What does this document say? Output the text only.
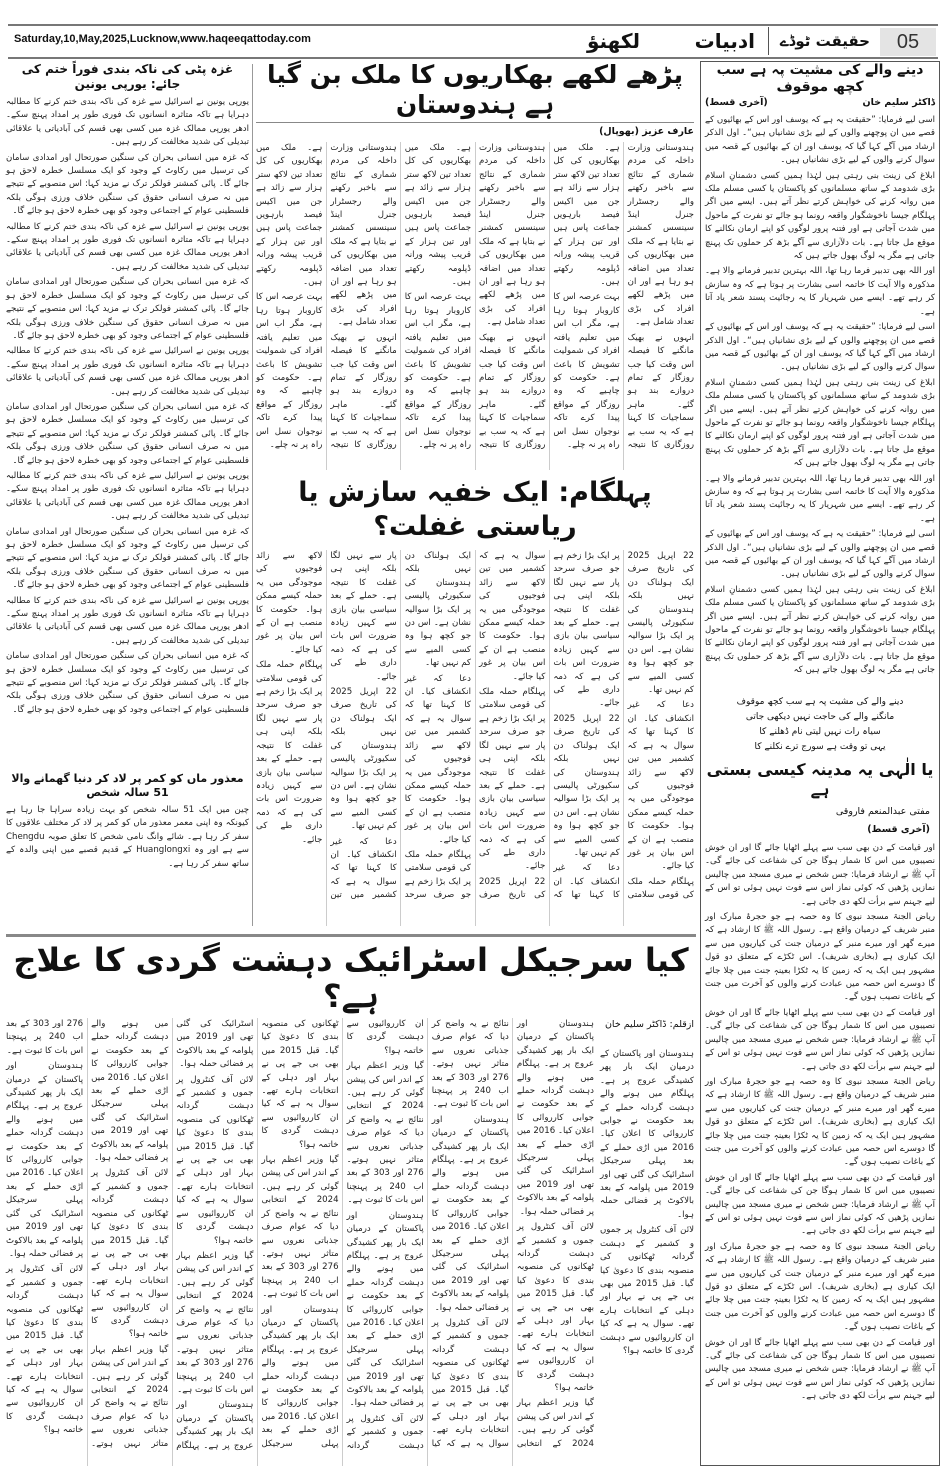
Saturday,10,May,2025,Lucknow,www.haqeeqattoday.com	لکھنؤ	ادبیات حقیقت ٹوڈے	05
دینے والے کی مشیت پہ ہے سب کچھ موقوف
ڈاکٹر سلیم خان
(آخری قسط)

اسی لیے فرمایا: ”حقیقت یہ ہے کہ یوسف اور اس کے بھائیوں کے قصے میں ان پوچھنے والوں کے لیے بڑی نشانیاں ہیں“۔ اول الذکر ارشاد میں آگے کہا گیا کہ یوسف اور ان کے بھائیوں کے قصہ میں سوال کرنے والوں کے لیے بڑی نشانیاں ہیں۔

ابلاغ کی زینت بنی رہتی ہیں لہٰذا ہمیں کسی دشمنانِ اسلام بڑی شدومد کے ساتھ مسلمانوں کو پاکستان یا کسی مسلم ملک میں روانہ کرنے کی خواہش کرتے نظر آتے ہیں۔ ایسے میں اگر پہلگام جیسا ناخوشگوار واقعہ رونما ہو جائے تو نفرت کے ماحول میں شدت آجاتی ہے اور فتنہ پرور لوگوں کو اپنے ارمان نکالنے کا موقع مل جاتا ہے۔ بات دلآزاری سے آگے بڑھ کر حملوں تک پہنچ جاتی ہے مگر یہ لوگ بھول جاتے ہیں کہ

اور اللہ بھی تدبیر فرما رہا تھا، اللہ بہترین تدبیر فرمانے والا ہے۔ مذکورہ والا آیت کا خاتمہ اسی بشارت پر ہوتا ہے کہ وہ سازش کر رہے تھے۔ ایسے میں شہریار کا یہ رجائیت پسند شعر یاد آتا ہے۔

اسی لیے فرمایا: ”حقیقت یہ ہے کہ یوسف اور اس کے بھائیوں کے قصے میں ان پوچھنے والوں کے لیے بڑی نشانیاں ہیں“۔ اول الذکر ارشاد میں آگے کہا گیا کہ یوسف اور ان کے بھائیوں کے قصہ میں سوال کرنے والوں کے لیے بڑی نشانیاں ہیں۔

ابلاغ کی زینت بنی رہتی ہیں لہٰذا ہمیں کسی دشمنانِ اسلام بڑی شدومد کے ساتھ مسلمانوں کو پاکستان یا کسی مسلم ملک میں روانہ کرنے کی خواہش کرتے نظر آتے ہیں۔ ایسے میں اگر پہلگام جیسا ناخوشگوار واقعہ رونما ہو جائے تو نفرت کے ماحول میں شدت آجاتی ہے اور فتنہ پرور لوگوں کو اپنے ارمان نکالنے کا موقع مل جاتا ہے۔ بات دلآزاری سے آگے بڑھ کر حملوں تک پہنچ جاتی ہے مگر یہ لوگ بھول جاتے ہیں کہ

اور اللہ بھی تدبیر فرما رہا تھا، اللہ بہترین تدبیر فرمانے والا ہے۔ مذکورہ والا آیت کا خاتمہ اسی بشارت پر ہوتا ہے کہ وہ سازش کر رہے تھے۔ ایسے میں شہریار کا یہ رجائیت پسند شعر یاد آتا ہے۔

اسی لیے فرمایا: ”حقیقت یہ ہے کہ یوسف اور اس کے بھائیوں کے قصے میں ان پوچھنے والوں کے لیے بڑی نشانیاں ہیں“۔ اول الذکر ارشاد میں آگے کہا گیا کہ یوسف اور ان کے بھائیوں کے قصہ میں سوال کرنے والوں کے لیے بڑی نشانیاں ہیں۔

ابلاغ کی زینت بنی رہتی ہیں لہٰذا ہمیں کسی دشمنانِ اسلام بڑی شدومد کے ساتھ مسلمانوں کو پاکستان یا کسی مسلم ملک میں روانہ کرنے کی خواہش کرتے نظر آتے ہیں۔ ایسے میں اگر پہلگام جیسا ناخوشگوار واقعہ رونما ہو جائے تو نفرت کے ماحول میں شدت آجاتی ہے اور فتنہ پرور لوگوں کو اپنے ارمان نکالنے کا موقع مل جاتا ہے۔ بات دلآزاری سے آگے بڑھ کر حملوں تک پہنچ جاتی ہے مگر یہ لوگ بھول جاتے ہیں کہ

دینے والے کی مشیت پہ ہے سب کچھ موقوف
مانگنے والے کی حاجت نہیں دیکھی جاتی
سیاہ رات نہیں لیتی نام ڈھلنے کا
یہی تو وقت ہے سورج ترے نکلنے کا
یا الٰہی یہ مدینہ کیسی بستی ہے
مفتی عبدالمنعم فاروقی
(آخری قسط)

اور قیامت کے دن بھی سب سے پہلے اٹھایا جائے گا اور ان خوش نصیبوں میں اس کا شمار ہوگا جن کی شفاعت کی جائے گی۔ آپ ﷺ نے ارشاد فرمایا: جس شخص نے میری مسجد میں چالیس نمازیں پڑھیں کہ کوئی نماز اس سے فوت نہیں ہوئی تو اس کے لیے جہنم سے برأت لکھ دی جاتی ہے۔

ریاض الجنۃ مسجد نبوی کا وہ حصہ ہے جو حجرۂ مبارک اور منبر شریف کے درمیان واقع ہے۔ رسول اللہ ﷺ کا ارشاد ہے کہ میرے گھر اور میرے منبر کے درمیان جنت کی کیاریوں میں سے ایک کیاری ہے (بخاری شریف)۔ اس ٹکڑے کے متعلق دو قول مشہور ہیں ایک یہ کہ زمین کا یہ ٹکڑا بعینہٖ جنت میں چلا جائے گا دوسرے اس حصہ میں عبادت کرنے والوں کو آخرت میں جنت کے باغات نصیب ہوں گے۔

اور قیامت کے دن بھی سب سے پہلے اٹھایا جائے گا اور ان خوش نصیبوں میں اس کا شمار ہوگا جن کی شفاعت کی جائے گی۔ آپ ﷺ نے ارشاد فرمایا: جس شخص نے میری مسجد میں چالیس نمازیں پڑھیں کہ کوئی نماز اس سے فوت نہیں ہوئی تو اس کے لیے جہنم سے برأت لکھ دی جاتی ہے۔

ریاض الجنۃ مسجد نبوی کا وہ حصہ ہے جو حجرۂ مبارک اور منبر شریف کے درمیان واقع ہے۔ رسول اللہ ﷺ کا ارشاد ہے کہ میرے گھر اور میرے منبر کے درمیان جنت کی کیاریوں میں سے ایک کیاری ہے (بخاری شریف)۔ اس ٹکڑے کے متعلق دو قول مشہور ہیں ایک یہ کہ زمین کا یہ ٹکڑا بعینہٖ جنت میں چلا جائے گا دوسرے اس حصہ میں عبادت کرنے والوں کو آخرت میں جنت کے باغات نصیب ہوں گے۔

اور قیامت کے دن بھی سب سے پہلے اٹھایا جائے گا اور ان خوش نصیبوں میں اس کا شمار ہوگا جن کی شفاعت کی جائے گی۔ آپ ﷺ نے ارشاد فرمایا: جس شخص نے میری مسجد میں چالیس نمازیں پڑھیں کہ کوئی نماز اس سے فوت نہیں ہوئی تو اس کے لیے جہنم سے برأت لکھ دی جاتی ہے۔

ریاض الجنۃ مسجد نبوی کا وہ حصہ ہے جو حجرۂ مبارک اور منبر شریف کے درمیان واقع ہے۔ رسول اللہ ﷺ کا ارشاد ہے کہ میرے گھر اور میرے منبر کے درمیان جنت کی کیاریوں میں سے ایک کیاری ہے (بخاری شریف)۔ اس ٹکڑے کے متعلق دو قول مشہور ہیں ایک یہ کہ زمین کا یہ ٹکڑا بعینہٖ جنت میں چلا جائے گا دوسرے اس حصہ میں عبادت کرنے والوں کو آخرت میں جنت کے باغات نصیب ہوں گے۔

اور قیامت کے دن بھی سب سے پہلے اٹھایا جائے گا اور ان خوش نصیبوں میں اس کا شمار ہوگا جن کی شفاعت کی جائے گی۔ آپ ﷺ نے ارشاد فرمایا: جس شخص نے میری مسجد میں چالیس نمازیں پڑھیں کہ کوئی نماز اس سے فوت نہیں ہوئی تو اس کے لیے جہنم سے برأت لکھ دی جاتی ہے۔

غزہ پٹی کی ناکہ بندی فوراً ختم کی جائے: یورپی یونین

یورپی یونین نے اسرائیل سے غزہ کی ناکہ بندی ختم کرنے کا مطالبہ دہرایا ہے تاکہ متاثرہ انسانوں تک فوری طور پر امداد پہنچ سکے۔ ادھر یورپی ممالک غزہ میں کسی بھی قسم کی آبادیاتی یا علاقائی تبدیلی کی شدید مخالفت کر رہے ہیں۔

کہ غزہ میں انسانی بحران کی سنگین صورتحال اور امدادی سامان کی ترسیل میں رکاوٹ کے وجود کو ایک مسلسل خطرہ لاحق ہو جائے گا۔ پائی کمشنر فولکر ترک نے مزید کہا: اس منصوبے کے نتیجے میں نہ صرف انسانی حقوق کی سنگین خلاف ورزی ہوگی بلکہ فلسطینی عوام کے اجتماعی وجود کو بھی خطرہ لاحق ہو جائے گا۔

یورپی یونین نے اسرائیل سے غزہ کی ناکہ بندی ختم کرنے کا مطالبہ دہرایا ہے تاکہ متاثرہ انسانوں تک فوری طور پر امداد پہنچ سکے۔ ادھر یورپی ممالک غزہ میں کسی بھی قسم کی آبادیاتی یا علاقائی تبدیلی کی شدید مخالفت کر رہے ہیں۔

کہ غزہ میں انسانی بحران کی سنگین صورتحال اور امدادی سامان کی ترسیل میں رکاوٹ کے وجود کو ایک مسلسل خطرہ لاحق ہو جائے گا۔ پائی کمشنر فولکر ترک نے مزید کہا: اس منصوبے کے نتیجے میں نہ صرف انسانی حقوق کی سنگین خلاف ورزی ہوگی بلکہ فلسطینی عوام کے اجتماعی وجود کو بھی خطرہ لاحق ہو جائے گا۔

یورپی یونین نے اسرائیل سے غزہ کی ناکہ بندی ختم کرنے کا مطالبہ دہرایا ہے تاکہ متاثرہ انسانوں تک فوری طور پر امداد پہنچ سکے۔ ادھر یورپی ممالک غزہ میں کسی بھی قسم کی آبادیاتی یا علاقائی تبدیلی کی شدید مخالفت کر رہے ہیں۔

کہ غزہ میں انسانی بحران کی سنگین صورتحال اور امدادی سامان کی ترسیل میں رکاوٹ کے وجود کو ایک مسلسل خطرہ لاحق ہو جائے گا۔ پائی کمشنر فولکر ترک نے مزید کہا: اس منصوبے کے نتیجے میں نہ صرف انسانی حقوق کی سنگین خلاف ورزی ہوگی بلکہ فلسطینی عوام کے اجتماعی وجود کو بھی خطرہ لاحق ہو جائے گا۔

یورپی یونین نے اسرائیل سے غزہ کی ناکہ بندی ختم کرنے کا مطالبہ دہرایا ہے تاکہ متاثرہ انسانوں تک فوری طور پر امداد پہنچ سکے۔ ادھر یورپی ممالک غزہ میں کسی بھی قسم کی آبادیاتی یا علاقائی تبدیلی کی شدید مخالفت کر رہے ہیں۔

کہ غزہ میں انسانی بحران کی سنگین صورتحال اور امدادی سامان کی ترسیل میں رکاوٹ کے وجود کو ایک مسلسل خطرہ لاحق ہو جائے گا۔ پائی کمشنر فولکر ترک نے مزید کہا: اس منصوبے کے نتیجے میں نہ صرف انسانی حقوق کی سنگین خلاف ورزی ہوگی بلکہ فلسطینی عوام کے اجتماعی وجود کو بھی خطرہ لاحق ہو جائے گا۔

یورپی یونین نے اسرائیل سے غزہ کی ناکہ بندی ختم کرنے کا مطالبہ دہرایا ہے تاکہ متاثرہ انسانوں تک فوری طور پر امداد پہنچ سکے۔ ادھر یورپی ممالک غزہ میں کسی بھی قسم کی آبادیاتی یا علاقائی تبدیلی کی شدید مخالفت کر رہے ہیں۔

کہ غزہ میں انسانی بحران کی سنگین صورتحال اور امدادی سامان کی ترسیل میں رکاوٹ کے وجود کو ایک مسلسل خطرہ لاحق ہو جائے گا۔ پائی کمشنر فولکر ترک نے مزید کہا: اس منصوبے کے نتیجے میں نہ صرف انسانی حقوق کی سنگین خلاف ورزی ہوگی بلکہ فلسطینی عوام کے اجتماعی وجود کو بھی خطرہ لاحق ہو جائے گا۔

معذور ماں کو کمر پر لاد کر دنیا گھمانے والا 51 سالہ شخص

چین میں ایک 51 سالہ شخص کو بہت زیادہ سراہا جا رہا ہے کیونکہ وہ اپنی معمر معذور ماں کو کمر پر لاد کر مختلف علاقوں کا سفر کر رہا ہے۔ شائے وانگ نامی شخص کا تعلق صوبہ Chengdu سے ہے اور وہ Huanglongxi کے قدیم قصبے میں اپنی والدہ کے ساتھ سفر کر رہا ہے۔

پڑھے لکھے بھکاریوں کا ملک بن گیا ہے ہندوستان
عارف عزیز (بھوپال)

ہندوستانی وزارت داخلہ کی مردم شماری کے نتائج سے باخبر رکھنے والے رجسٹرار جنرل اینڈ سینسس کمشنر نے بتایا ہے کہ ملک میں بھکاریوں کی تعداد میں اضافہ ہو رہا ہے اور ان میں پڑھے لکھے افراد کی بڑی تعداد شامل ہے۔

انہوں نے بھیک مانگنے کا فیصلہ اس وقت کیا جب روزگار کے تمام دروازے بند ہو گئے۔ ماہر سماجیات کا کہنا ہے کہ یہ سب بے روزگاری کا نتیجہ ہے۔ ملک میں بھکاریوں کی کل تعداد تین لاکھ ستر ہزار سے زائد ہے جن میں اکیس فیصد بارہویں جماعت پاس ہیں اور تین ہزار کے قریب پیشہ ورانہ ڈپلومہ رکھتے ہیں۔

بہت عرصہ اس کا کاروبار ہوتا رہا ہے، مگر اب اس میں تعلیم یافتہ افراد کی شمولیت تشویش کا باعث ہے۔ حکومت کو چاہیے کہ وہ روزگار کے مواقع پیدا کرے تاکہ نوجوان نسل اس راہ پر نہ چلے۔

ہندوستانی وزارت داخلہ کی مردم شماری کے نتائج سے باخبر رکھنے والے رجسٹرار جنرل اینڈ سینسس کمشنر نے بتایا ہے کہ ملک میں بھکاریوں کی تعداد میں اضافہ ہو رہا ہے اور ان میں پڑھے لکھے افراد کی بڑی تعداد شامل ہے۔

انہوں نے بھیک مانگنے کا فیصلہ اس وقت کیا جب روزگار کے تمام دروازے بند ہو گئے۔ ماہر سماجیات کا کہنا ہے کہ یہ سب بے روزگاری کا نتیجہ ہے۔ ملک میں بھکاریوں کی کل تعداد تین لاکھ ستر ہزار سے زائد ہے جن میں اکیس فیصد بارہویں جماعت پاس ہیں اور تین ہزار کے قریب پیشہ ورانہ ڈپلومہ رکھتے ہیں۔

بہت عرصہ اس کا کاروبار ہوتا رہا ہے، مگر اب اس میں تعلیم یافتہ افراد کی شمولیت تشویش کا باعث ہے۔ حکومت کو چاہیے کہ وہ روزگار کے مواقع پیدا کرے تاکہ نوجوان نسل اس راہ پر نہ چلے۔

ہندوستانی وزارت داخلہ کی مردم شماری کے نتائج سے باخبر رکھنے والے رجسٹرار جنرل اینڈ سینسس کمشنر نے بتایا ہے کہ ملک میں بھکاریوں کی تعداد میں اضافہ ہو رہا ہے اور ان میں پڑھے لکھے افراد کی بڑی تعداد شامل ہے۔

انہوں نے بھیک مانگنے کا فیصلہ اس وقت کیا جب روزگار کے تمام دروازے بند ہو گئے۔ ماہر سماجیات کا کہنا ہے کہ یہ سب بے روزگاری کا نتیجہ ہے۔ ملک میں بھکاریوں کی کل تعداد تین لاکھ ستر ہزار سے زائد ہے جن میں اکیس فیصد بارہویں جماعت پاس ہیں اور تین ہزار کے قریب پیشہ ورانہ ڈپلومہ رکھتے ہیں۔

بہت عرصہ اس کا کاروبار ہوتا رہا ہے، مگر اب اس میں تعلیم یافتہ افراد کی شمولیت تشویش کا باعث ہے۔ حکومت کو چاہیے کہ وہ روزگار کے مواقع پیدا کرے تاکہ نوجوان نسل اس راہ پر نہ چلے۔

پہلگام: ایک خفیہ سازش یا ریاستی غفلت؟

22 اپریل 2025 کی تاریخ صرف ایک ہولناک دن نہیں بلکہ ہندوستان کی سکیورٹی پالیسی پر ایک بڑا سوالیہ نشان ہے۔ اس دن جو کچھ ہوا وہ کسی المیے سے کم نہیں تھا۔

دعا کہ غیر انکشاف کیا۔ ان کا کہنا تھا کہ سوال یہ ہے کہ کشمیر میں تین لاکھ سے زائد فوجیوں کی موجودگی میں یہ حملہ کیسے ممکن ہوا۔ حکومت کا منصب ہے ان کے اس بیان پر غور کیا جائے۔

پہلگام حملہ ملک کی قومی سلامتی پر ایک بڑا زخم ہے جو صرف سرحد پار سے نہیں لگا بلکہ اپنی ہی غفلت کا نتیجہ ہے۔ حملے کے بعد سیاسی بیان بازی سے کہیں زیادہ ضرورت اس بات کی ہے کہ ذمہ داری طے کی جائے۔

22 اپریل 2025 کی تاریخ صرف ایک ہولناک دن نہیں بلکہ ہندوستان کی سکیورٹی پالیسی پر ایک بڑا سوالیہ نشان ہے۔ اس دن جو کچھ ہوا وہ کسی المیے سے کم نہیں تھا۔

دعا کہ غیر انکشاف کیا۔ ان کا کہنا تھا کہ سوال یہ ہے کہ کشمیر میں تین لاکھ سے زائد فوجیوں کی موجودگی میں یہ حملہ کیسے ممکن ہوا۔ حکومت کا منصب ہے ان کے اس بیان پر غور کیا جائے۔

پہلگام حملہ ملک کی قومی سلامتی پر ایک بڑا زخم ہے جو صرف سرحد پار سے نہیں لگا بلکہ اپنی ہی غفلت کا نتیجہ ہے۔ حملے کے بعد سیاسی بیان بازی سے کہیں زیادہ ضرورت اس بات کی ہے کہ ذمہ داری طے کی جائے۔

22 اپریل 2025 کی تاریخ صرف ایک ہولناک دن نہیں بلکہ ہندوستان کی سکیورٹی پالیسی پر ایک بڑا سوالیہ نشان ہے۔ اس دن جو کچھ ہوا وہ کسی المیے سے کم نہیں تھا۔

دعا کہ غیر انکشاف کیا۔ ان کا کہنا تھا کہ سوال یہ ہے کہ کشمیر میں تین لاکھ سے زائد فوجیوں کی موجودگی میں یہ حملہ کیسے ممکن ہوا۔ حکومت کا منصب ہے ان کے اس بیان پر غور کیا جائے۔

پہلگام حملہ ملک کی قومی سلامتی پر ایک بڑا زخم ہے جو صرف سرحد پار سے نہیں لگا بلکہ اپنی ہی غفلت کا نتیجہ ہے۔ حملے کے بعد سیاسی بیان بازی سے کہیں زیادہ ضرورت اس بات کی ہے کہ ذمہ داری طے کی جائے۔

22 اپریل 2025 کی تاریخ صرف ایک ہولناک دن نہیں بلکہ ہندوستان کی سکیورٹی پالیسی پر ایک بڑا سوالیہ نشان ہے۔ اس دن جو کچھ ہوا وہ کسی المیے سے کم نہیں تھا۔

دعا کہ غیر انکشاف کیا۔ ان کا کہنا تھا کہ سوال یہ ہے کہ کشمیر میں تین لاکھ سے زائد فوجیوں کی موجودگی میں یہ حملہ کیسے ممکن ہوا۔ حکومت کا منصب ہے ان کے اس بیان پر غور کیا جائے۔

پہلگام حملہ ملک کی قومی سلامتی پر ایک بڑا زخم ہے جو صرف سرحد پار سے نہیں لگا بلکہ اپنی ہی غفلت کا نتیجہ ہے۔ حملے کے بعد سیاسی بیان بازی سے کہیں زیادہ ضرورت اس بات کی ہے کہ ذمہ داری طے کی جائے۔

کیا سرجیکل اسٹرائیک دہشت گردی کا علاج ہے؟
ازقلم: ڈاکٹر سلیم خان

ہندوستان اور پاکستان کے درمیان ایک بار پھر کشیدگی عروج پر ہے۔ پہلگام میں ہونے والے دہشت گردانہ حملے کے بعد حکومت نے جوابی کارروائی کا اعلان کیا۔ 2016 میں اڑی حملے کے بعد پہلی سرجیکل اسٹرائیک کی گئی تھی اور 2019 میں پلوامہ کے بعد بالاکوٹ پر فضائی حملہ ہوا۔

لائن آف کنٹرول پر جموں و کشمیر کے دہشت گردانہ ٹھکانوں کی منصوبہ بندی کا دعویٰ کیا گیا۔ قبل 2015 میں بھی بی جے پی نے بہار اور دہلی کے انتخابات ہارے تھے۔ سوال یہ ہے کہ کیا ان کارروائیوں سے دہشت گردی کا خاتمہ ہوا؟

گیا وزیر اعظم بہار کے اندر اس کی پیشن گوئی کر رہے ہیں۔ 2024 کے انتخابی نتائج نے یہ واضح کر دیا کہ عوام صرف جذباتی نعروں سے متاثر نہیں ہوتے۔ 276 اور 303 کے بعد اب 240 پر پہنچنا اس بات کا ثبوت ہے۔

ہندوستان اور پاکستان کے درمیان ایک بار پھر کشیدگی عروج پر ہے۔ پہلگام میں ہونے والے دہشت گردانہ حملے کے بعد حکومت نے جوابی کارروائی کا اعلان کیا۔ 2016 میں اڑی حملے کے بعد پہلی سرجیکل اسٹرائیک کی گئی تھی اور 2019 میں پلوامہ کے بعد بالاکوٹ پر فضائی حملہ ہوا۔

لائن آف کنٹرول پر جموں و کشمیر کے دہشت گردانہ ٹھکانوں کی منصوبہ بندی کا دعویٰ کیا گیا۔ قبل 2015 میں بھی بی جے پی نے بہار اور دہلی کے انتخابات ہارے تھے۔ سوال یہ ہے کہ کیا ان کارروائیوں سے دہشت گردی کا خاتمہ ہوا؟

گیا وزیر اعظم بہار کے اندر اس کی پیشن گوئی کر رہے ہیں۔ 2024 کے انتخابی نتائج نے یہ واضح کر دیا کہ عوام صرف جذباتی نعروں سے متاثر نہیں ہوتے۔ 276 اور 303 کے بعد اب 240 پر پہنچنا اس بات کا ثبوت ہے۔

ہندوستان اور پاکستان کے درمیان ایک بار پھر کشیدگی عروج پر ہے۔ پہلگام میں ہونے والے دہشت گردانہ حملے کے بعد حکومت نے جوابی کارروائی کا اعلان کیا۔ 2016 میں اڑی حملے کے بعد پہلی سرجیکل اسٹرائیک کی گئی تھی اور 2019 میں پلوامہ کے بعد بالاکوٹ پر فضائی حملہ ہوا۔

لائن آف کنٹرول پر جموں و کشمیر کے دہشت گردانہ ٹھکانوں کی منصوبہ بندی کا دعویٰ کیا گیا۔ قبل 2015 میں بھی بی جے پی نے بہار اور دہلی کے انتخابات ہارے تھے۔ سوال یہ ہے کہ کیا ان کارروائیوں سے دہشت گردی کا خاتمہ ہوا؟

گیا وزیر اعظم بہار کے اندر اس کی پیشن گوئی کر رہے ہیں۔ 2024 کے انتخابی نتائج نے یہ واضح کر دیا کہ عوام صرف جذباتی نعروں سے متاثر نہیں ہوتے۔ 276 اور 303 کے بعد اب 240 پر پہنچنا اس بات کا ثبوت ہے۔

ہندوستان اور پاکستان کے درمیان ایک بار پھر کشیدگی عروج پر ہے۔ پہلگام میں ہونے والے دہشت گردانہ حملے کے بعد حکومت نے جوابی کارروائی کا اعلان کیا۔ 2016 میں اڑی حملے کے بعد پہلی سرجیکل اسٹرائیک کی گئی تھی اور 2019 میں پلوامہ کے بعد بالاکوٹ پر فضائی حملہ ہوا۔

لائن آف کنٹرول پر جموں و کشمیر کے دہشت گردانہ ٹھکانوں کی منصوبہ بندی کا دعویٰ کیا گیا۔ قبل 2015 میں بھی بی جے پی نے بہار اور دہلی کے انتخابات ہارے تھے۔ سوال یہ ہے کہ کیا ان کارروائیوں سے دہشت گردی کا خاتمہ ہوا؟

گیا وزیر اعظم بہار کے اندر اس کی پیشن گوئی کر رہے ہیں۔ 2024 کے انتخابی نتائج نے یہ واضح کر دیا کہ عوام صرف جذباتی نعروں سے متاثر نہیں ہوتے۔ 276 اور 303 کے بعد اب 240 پر پہنچنا اس بات کا ثبوت ہے۔

ہندوستان اور پاکستان کے درمیان ایک بار پھر کشیدگی عروج پر ہے۔ پہلگام میں ہونے والے دہشت گردانہ حملے کے بعد حکومت نے جوابی کارروائی کا اعلان کیا۔ 2016 میں اڑی حملے کے بعد پہلی سرجیکل اسٹرائیک کی گئی تھی اور 2019 میں پلوامہ کے بعد بالاکوٹ پر فضائی حملہ ہوا۔

لائن آف کنٹرول پر جموں و کشمیر کے دہشت گردانہ ٹھکانوں کی منصوبہ بندی کا دعویٰ کیا گیا۔ قبل 2015 میں بھی بی جے پی نے بہار اور دہلی کے انتخابات ہارے تھے۔ سوال یہ ہے کہ کیا ان کارروائیوں سے دہشت گردی کا خاتمہ ہوا؟

گیا وزیر اعظم بہار کے اندر اس کی پیشن گوئی کر رہے ہیں۔ 2024 کے انتخابی نتائج نے یہ واضح کر دیا کہ عوام صرف جذباتی نعروں سے متاثر نہیں ہوتے۔ 276 اور 303 کے بعد اب 240 پر پہنچنا اس بات کا ثبوت ہے۔

ہندوستان اور پاکستان کے درمیان ایک بار پھر کشیدگی عروج پر ہے۔ پہلگام میں ہونے والے دہشت گردانہ حملے کے بعد حکومت نے جوابی کارروائی کا اعلان کیا۔ 2016 میں اڑی حملے کے بعد پہلی سرجیکل اسٹرائیک کی گئی تھی اور 2019 میں پلوامہ کے بعد بالاکوٹ پر فضائی حملہ ہوا۔

لائن آف کنٹرول پر جموں و کشمیر کے دہشت گردانہ ٹھکانوں کی منصوبہ بندی کا دعویٰ کیا گیا۔ قبل 2015 میں بھی بی جے پی نے بہار اور دہلی کے انتخابات ہارے تھے۔ سوال یہ ہے کہ کیا ان کارروائیوں سے دہشت گردی کا خاتمہ ہوا؟

ہندوستان اور پاکستان کے درمیان ایک بار پھر کشیدگی عروج پر ہے۔ پہلگام میں ہونے والے دہشت گردانہ حملے کے بعد حکومت نے جوابی کارروائی کا اعلان کیا۔ 2016 میں اڑی حملے کے بعد پہلی سرجیکل اسٹرائیک کی گئی تھی اور 2019 میں پلوامہ کے بعد بالاکوٹ پر فضائی حملہ ہوا۔

لائن آف کنٹرول پر جموں و کشمیر کے دہشت گردانہ ٹھکانوں کی منصوبہ بندی کا دعویٰ کیا گیا۔ قبل 2015 میں بھی بی جے پی نے بہار اور دہلی کے انتخابات ہارے تھے۔ سوال یہ ہے کہ کیا ان کارروائیوں سے دہشت گردی کا خاتمہ ہوا؟
